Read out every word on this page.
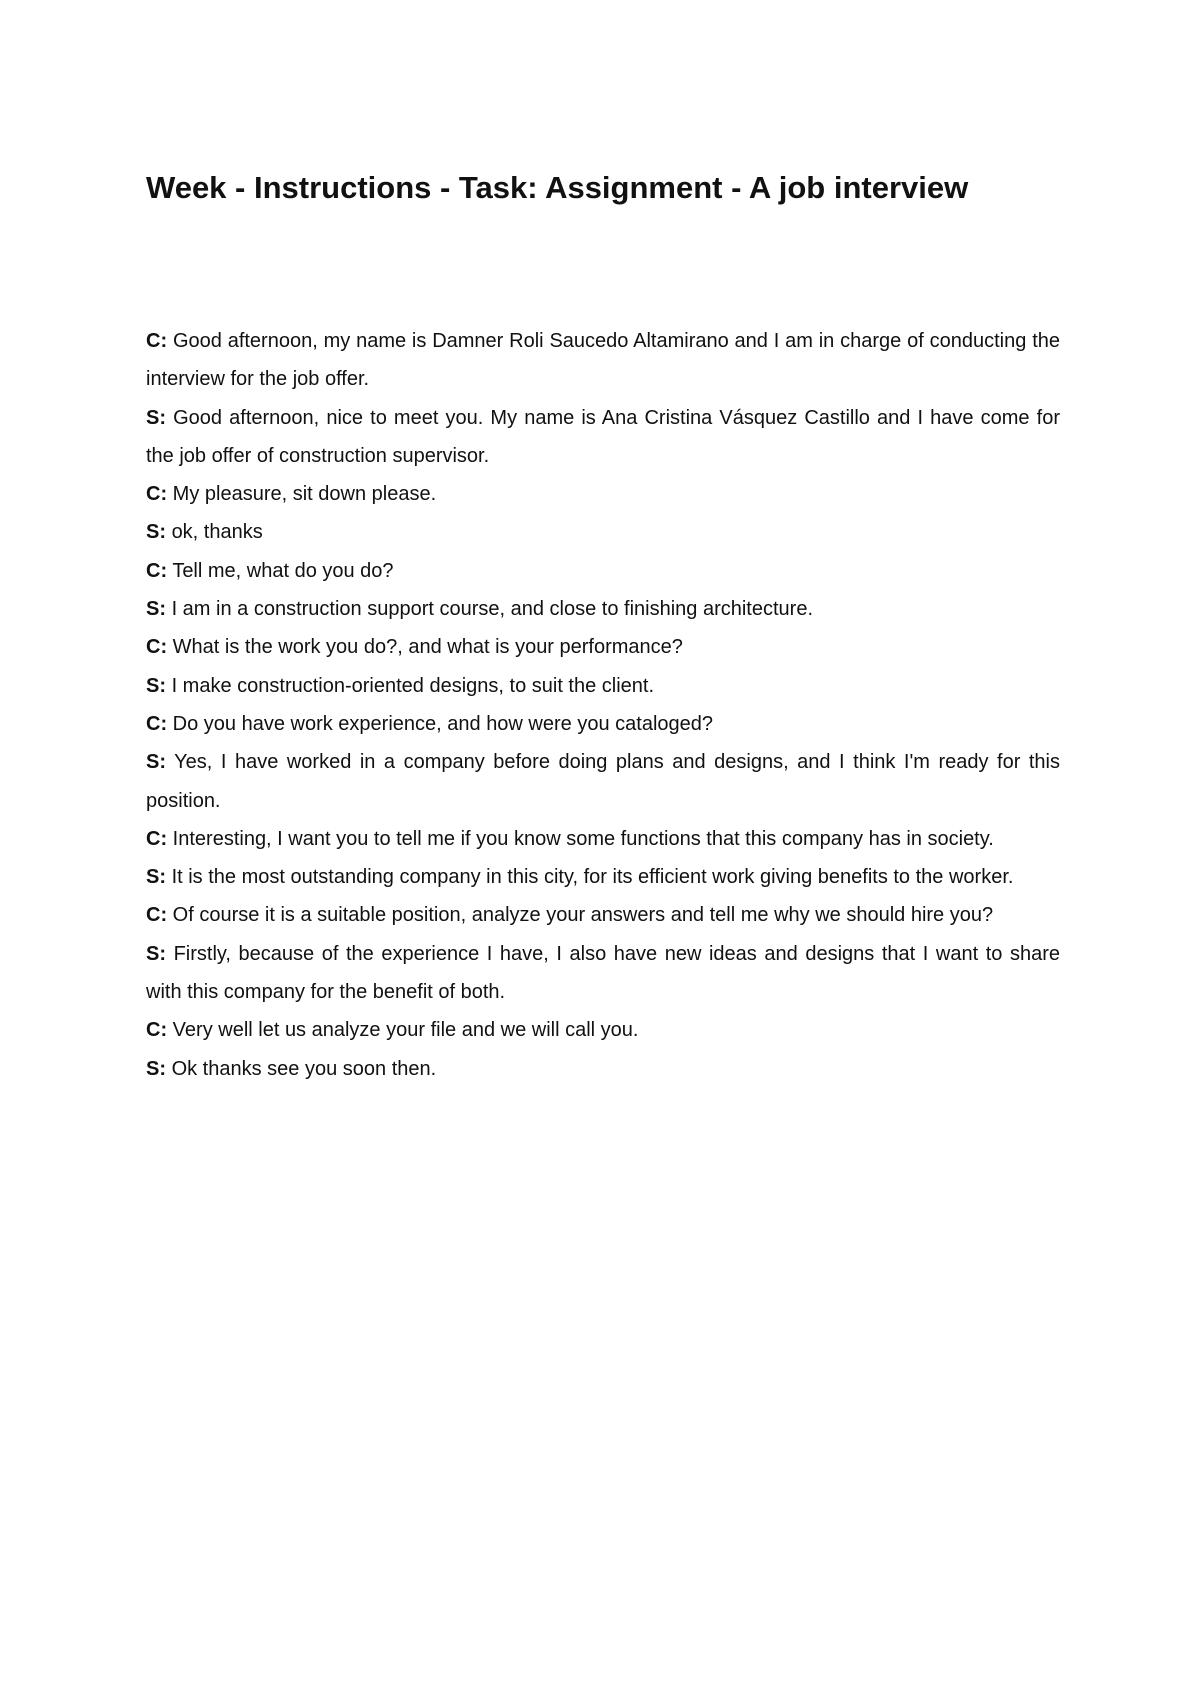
Week - Instructions - Task: Assignment - A job interview

C: Good afternoon, my name is Damner Roli Saucedo Altamirano and I am in charge of conducting the interview for the job offer.

S: Good afternoon, nice to meet you. My name is Ana Cristina Vásquez Castillo and I have come for the job offer of construction supervisor.

C: My pleasure, sit down please.

S: ok, thanks

C: Tell me, what do you do?

S: I am in a construction support course, and close to finishing architecture.

C: What is the work you do?, and what is your performance?

S: I make construction-oriented designs, to suit the client.

C: Do you have work experience, and how were you cataloged?

S: Yes, I have worked in a company before doing plans and designs, and I think I'm ready for this position.

C: Interesting, I want you to tell me if you know some functions that this company has in society.

S: It is the most outstanding company in this city, for its efficient work giving benefits to the worker.

C: Of course it is a suitable position, analyze your answers and tell me why we should hire you?

S: Firstly, because of the experience I have, I also have new ideas and designs that I want to share with this company for the benefit of both.

C: Very well let us analyze your file and we will call you.

S: Ok thanks see you soon then.
